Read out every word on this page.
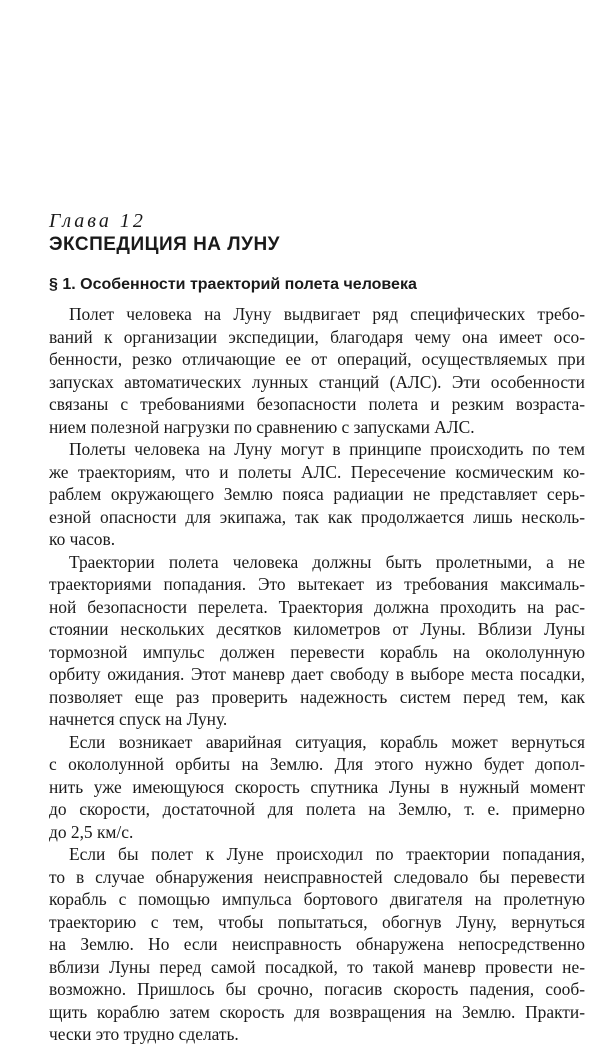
Глава 12
ЭКСПЕДИЦИЯ НА ЛУНУ
§ 1. Особенности траекторий полета человека
Полет человека на Луну выдвигает ряд специфических требо-
ваний к организации экспедиции, благодаря чему она имеет осо-
бенности, резко отличающие ее от операций, осуществляемых при
запусках автоматических лунных станций (АЛС). Эти особенности
связаны с требованиями безопасности полета и резким возраста-
нием полезной нагрузки по сравнению с запусками АЛС.
Полеты человека на Луну могут в принципе происходить по тем
же траекториям, что и полеты АЛС. Пересечение космическим ко-
раблем окружающего Землю пояса радиации не представляет серь-
езной опасности для экипажа, так как продолжается лишь несколь-
ко часов.
Траектории полета человека должны быть пролетными, а не
траекториями попадания. Это вытекает из требования максималь-
ной безопасности перелета. Траектория должна проходить на рас-
стоянии нескольких десятков километров от Луны. Вблизи Луны
тормозной импульс должен перевести корабль на окололунную
орбиту ожидания. Этот маневр дает свободу в выборе места посадки,
позволяет еще раз проверить надежность систем перед тем, как
начнется спуск на Луну.
Если возникает аварийная ситуация, корабль может вернуться
с окололунной орбиты на Землю. Для этого нужно будет допол-
нить уже имеющуюся скорость спутника Луны в нужный момент
до скорости, достаточной для полета на Землю, т. е. примерно
до 2,5 км/с.
Если бы полет к Луне происходил по траектории попадания,
то в случае обнаружения неисправностей следовало бы перевести
корабль с помощью импульса бортового двигателя на пролетную
траекторию с тем, чтобы попытаться, обогнув Луну, вернуться
на Землю. Но если неисправность обнаружена непосредственно
вблизи Луны перед самой посадкой, то такой маневр провести не-
возможно. Пришлось бы срочно, погасив скорость падения, сооб-
щить кораблю затем скорость для возвращения на Землю. Практи-
чески это трудно сделать.
